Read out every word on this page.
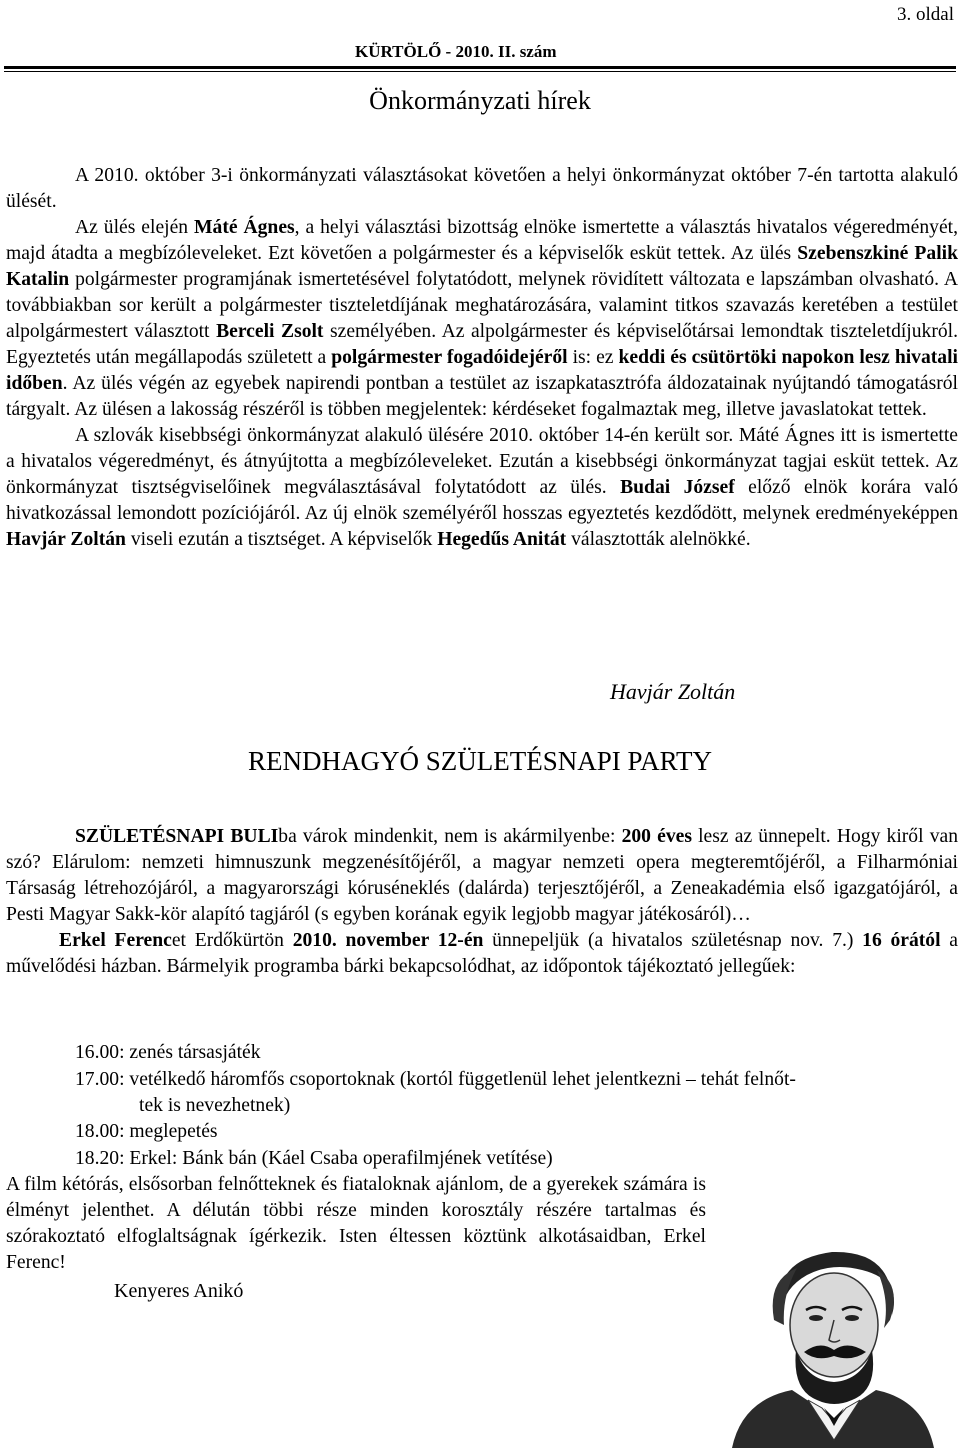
3. oldal
KÜRTÖLŐ - 2010. II. szám
Önkormányzati hírek

A 2010. október 3-i önkormányzati választásokat követően a helyi önkormányzat október 7-én tartotta alakuló ülését.

Az ülés elején Máté Ágnes, a helyi választási bizottság elnöke ismertette a választás hivatalos végeredményét, majd átadta a megbízóleveleket. Ezt követően a polgármester és a képviselők esküt tettek. Az ülés Szebenszkiné Palik Katalin polgármester programjának ismertetésével folytatódott, melynek rövidített változata e lapszámban olvasható. A továbbiakban sor került a polgármester tiszteletdíjának meghatározására, valamint titkos szavazás keretében a testület alpolgármestert választott Berceli Zsolt személyében. Az alpolgármester és képviselőtársai lemondtak tiszteletdíjukról. Egyeztetés után megállapodás született a polgármester fogadóidejéről is: ez keddi és csütörtöki napokon lesz hivatali időben. Az ülés végén az egyebek napirendi pontban a testület az iszapkatasztrófa áldozatainak nyújtandó támogatásról tárgyalt. Az ülésen a lakosság részéről is többen megjelentek: kérdéseket fogalmaztak meg, illetve javaslatokat tettek.

A szlovák kisebbségi önkormányzat alakuló ülésére 2010. október 14-én került sor. Máté Ágnes itt is ismertette a hivatalos végeredményt, és átnyújtotta a megbízóleveleket. Ezután a kisebbségi önkormányzat tagjai esküt tettek. Az önkormányzat tisztségviselőinek megválasztásával folytatódott az ülés. Budai József előző elnök korára való hivatkozással lemondott pozíciójáról. Az új elnök személyéről hosszas egyeztetés kezdődött, melynek eredményeképpen Havjár Zoltán viseli ezután a tisztséget. A képviselők Hegedűs Anitát választották alelnökké.

Havjár Zoltán
RENDHAGYÓ SZÜLETÉSNAPI PARTY

SZÜLETÉSNAPI BULIba várok mindenkit, nem is akármilyenbe: 200 éves lesz az ünnepelt. Hogy kiről van szó? Elárulom: nemzeti himnuszunk megzenésítőjéről, a magyar nemzeti opera megteremtőjéről, a Filharmóniai Társaság létrehozójáról, a magyarországi kóruséneklés (dalárda) terjesztőjéről, a Zeneakadémia első igazgatójáról, a Pesti Magyar Sakk-kör alapító tagjáról (s egyben korának egyik legjobb magyar játékosáról)…

Erkel Ferencet Erdőkürtön 2010. november 12-én ünnepeljük (a hivatalos születésnap nov. 7.) 16 órától a művelődési házban. Bármelyik programba bárki bekapcsolódhat, az időpontok tájékoztató jellegűek:

16.00: zenés társasjáték
17.00: vetélkedő háromfős csoportoknak (kortól függetlenül lehet jelentkezni – tehát felnőt-
tek is nevezhetnek)
18.00: meglepetés
18.20: Erkel: Bánk bán (Káel Csaba operafilmjének vetítése)

A film kétórás, elsősorban felnőtteknek és fiataloknak ajánlom, de a gyerekek számára is élményt jelenthet. A délután többi része minden korosztály részére tartalmas és szórakoztató elfoglaltságnak ígérkezik. Isten éltessen köztünk alkotásaidban, Erkel Ferenc!

Kenyeres Anikó
